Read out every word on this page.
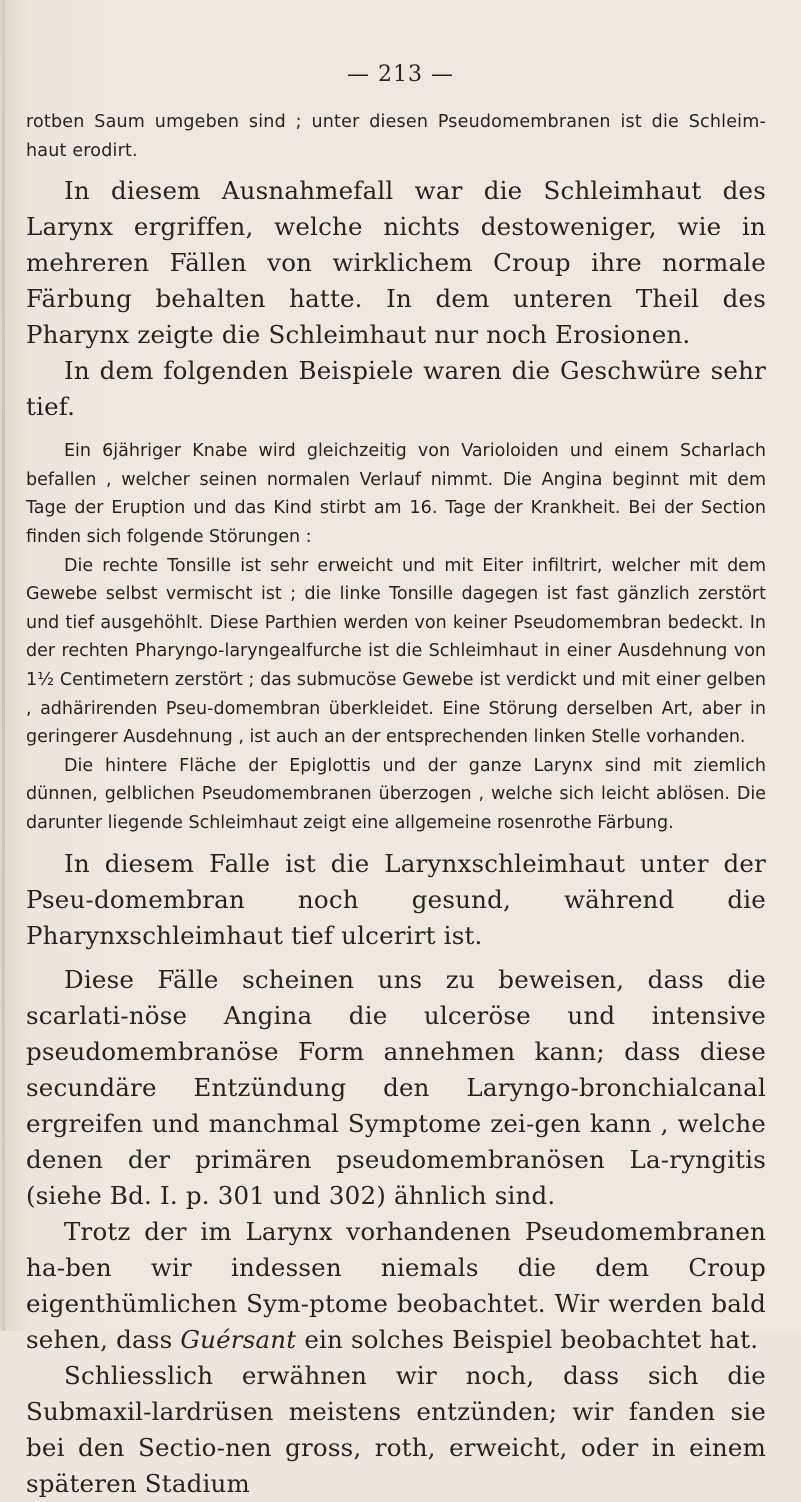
— 213 —

rotben Saum umgeben sind ; unter diesen Pseudomembranen ist die Schleim-haut erodirt.

In diesem Ausnahmefall war die Schleimhaut des Larynx ergriffen, welche nichts destoweniger, wie in mehreren Fällen von wirklichem Croup ihre normale Färbung behalten hatte. In dem unteren Theil des Pharynx zeigte die Schleimhaut nur noch Erosionen.

In dem folgenden Beispiele waren die Geschwüre sehr tief.

Ein 6jähriger Knabe wird gleichzeitig von Varioloiden und einem Scharlach befallen , welcher seinen normalen Verlauf nimmt. Die Angina beginnt mit dem Tage der Eruption und das Kind stirbt am 16. Tage der Krankheit. Bei der Section finden sich folgende Störungen :

Die rechte Tonsille ist sehr erweicht und mit Eiter infiltrirt, welcher mit dem Gewebe selbst vermischt ist ; die linke Tonsille dagegen ist fast gänzlich zerstört und tief ausgehöhlt. Diese Parthien werden von keiner Pseudomembran bedeckt. In der rechten Pharyngo-laryngealfurche ist die Schleimhaut in einer Ausdehnung von 1½ Centimetern zerstört ; das submucöse Gewebe ist verdickt und mit einer gelben , adhärirenden Pseu-domembran überkleidet. Eine Störung derselben Art, aber in geringerer Ausdehnung , ist auch an der entsprechenden linken Stelle vorhanden.

Die hintere Fläche der Epiglottis und der ganze Larynx sind mit ziemlich dünnen, gelblichen Pseudomembranen überzogen , welche sich leicht ablösen. Die darunter liegende Schleimhaut zeigt eine allgemeine rosenrothe Färbung.

In diesem Falle ist die Larynxschleimhaut unter der Pseu-domembran noch gesund, während die Pharynxschleimhaut tief ulcerirt ist.

Diese Fälle scheinen uns zu beweisen, dass die scarlati-nöse Angina die ulceröse und intensive pseudomembranöse Form annehmen kann; dass diese secundäre Entzündung den Laryngo-bronchialcanal ergreifen und manchmal Symptome zei-gen kann , welche denen der primären pseudomembranösen La-ryngitis (siehe Bd. I. p. 301 und 302) ähnlich sind.

Trotz der im Larynx vorhandenen Pseudomembranen ha-ben wir indessen niemals die dem Croup eigenthümlichen Sym-ptome beobachtet. Wir werden bald sehen, dass Guérsant ein solches Beispiel beobachtet hat.

Schliesslich erwähnen wir noch, dass sich die Submaxil-lardrüsen meistens entzünden; wir fanden sie bei den Sectio-nen gross, roth, erweicht, oder in einem späteren Stadium
